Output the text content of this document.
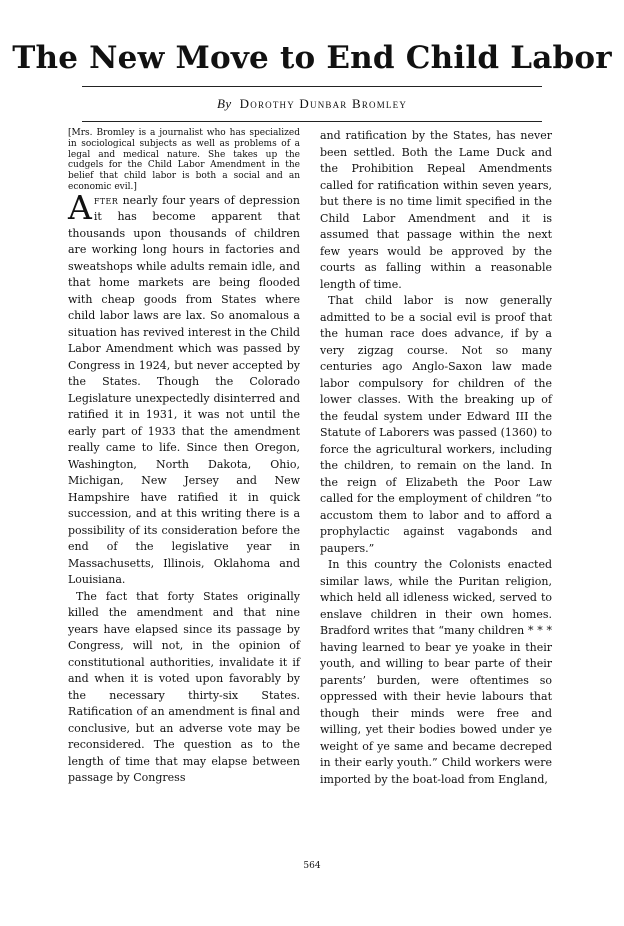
The New Move to End Child Labor
By Dorothy Dunbar Bromley

[Mrs. Bromley is a journalist who has specialized in sociological subjects as well as problems of a legal and medical nature. She takes up the cudgels for the Child Labor Amendment in the belief that child labor is both a social and an economic evil.]

After nearly four years of depression it has become apparent that thousands upon thousands of children are working long hours in factories and sweatshops while adults remain idle, and that home markets are being flooded with cheap goods from States where child labor laws are lax. So anomalous a situation has revived interest in the Child Labor Amendment which was passed by Congress in 1924, but never accepted by the States. Though the Colorado Legislature unexpectedly disinterred and ratified it in 1931, it was not until the early part of 1933 that the amendment really came to life. Since then Oregon, Washington, North Dakota, Ohio, Michigan, New Jersey and New Hampshire have ratified it in quick succession, and at this writing there is a possibility of its consideration before the end of the legislative year in Massachusetts, Illinois, Oklahoma and Louisiana.

The fact that forty States originally killed the amendment and that nine years have elapsed since its passage by Congress, will not, in the opinion of constitutional authorities, invalidate it if and when it is voted upon favorably by the necessary thirty-six States. Ratification of an amendment is final and conclusive, but an adverse vote may be reconsidered. The question as to the length of time that may elapse between passage by Congress

and ratification by the States, has never been settled. Both the Lame Duck and the Prohibition Repeal Amendments called for ratification within seven years, but there is no time limit specified in the Child Labor Amendment and it is assumed that passage within the next few years would be approved by the courts as falling within a reasonable length of time.

That child labor is now generally admitted to be a social evil is proof that the human race does advance, if by a very zigzag course. Not so many centuries ago Anglo-Saxon law made labor compulsory for children of the lower classes. With the breaking up of the feudal system under Edward III the Statute of Laborers was passed (1360) to force the agricultural workers, including the children, to remain on the land. In the reign of Elizabeth the Poor Law called for the employment of children “to accustom them to labor and to afford a prophylactic against vagabonds and paupers.”

In this country the Colonists enacted similar laws, while the Puritan religion, which held all idleness wicked, served to enslave children in their own homes. Bradford writes that “many children * * * having learned to bear ye yoake in their youth, and willing to bear parte of their parents’ burden, were oftentimes so oppressed with their hevie labours that though their minds were free and willing, yet their bodies bowed under ye weight of ye same and became decreped in their early youth.” Child workers were imported by the boat-load from England,

564
